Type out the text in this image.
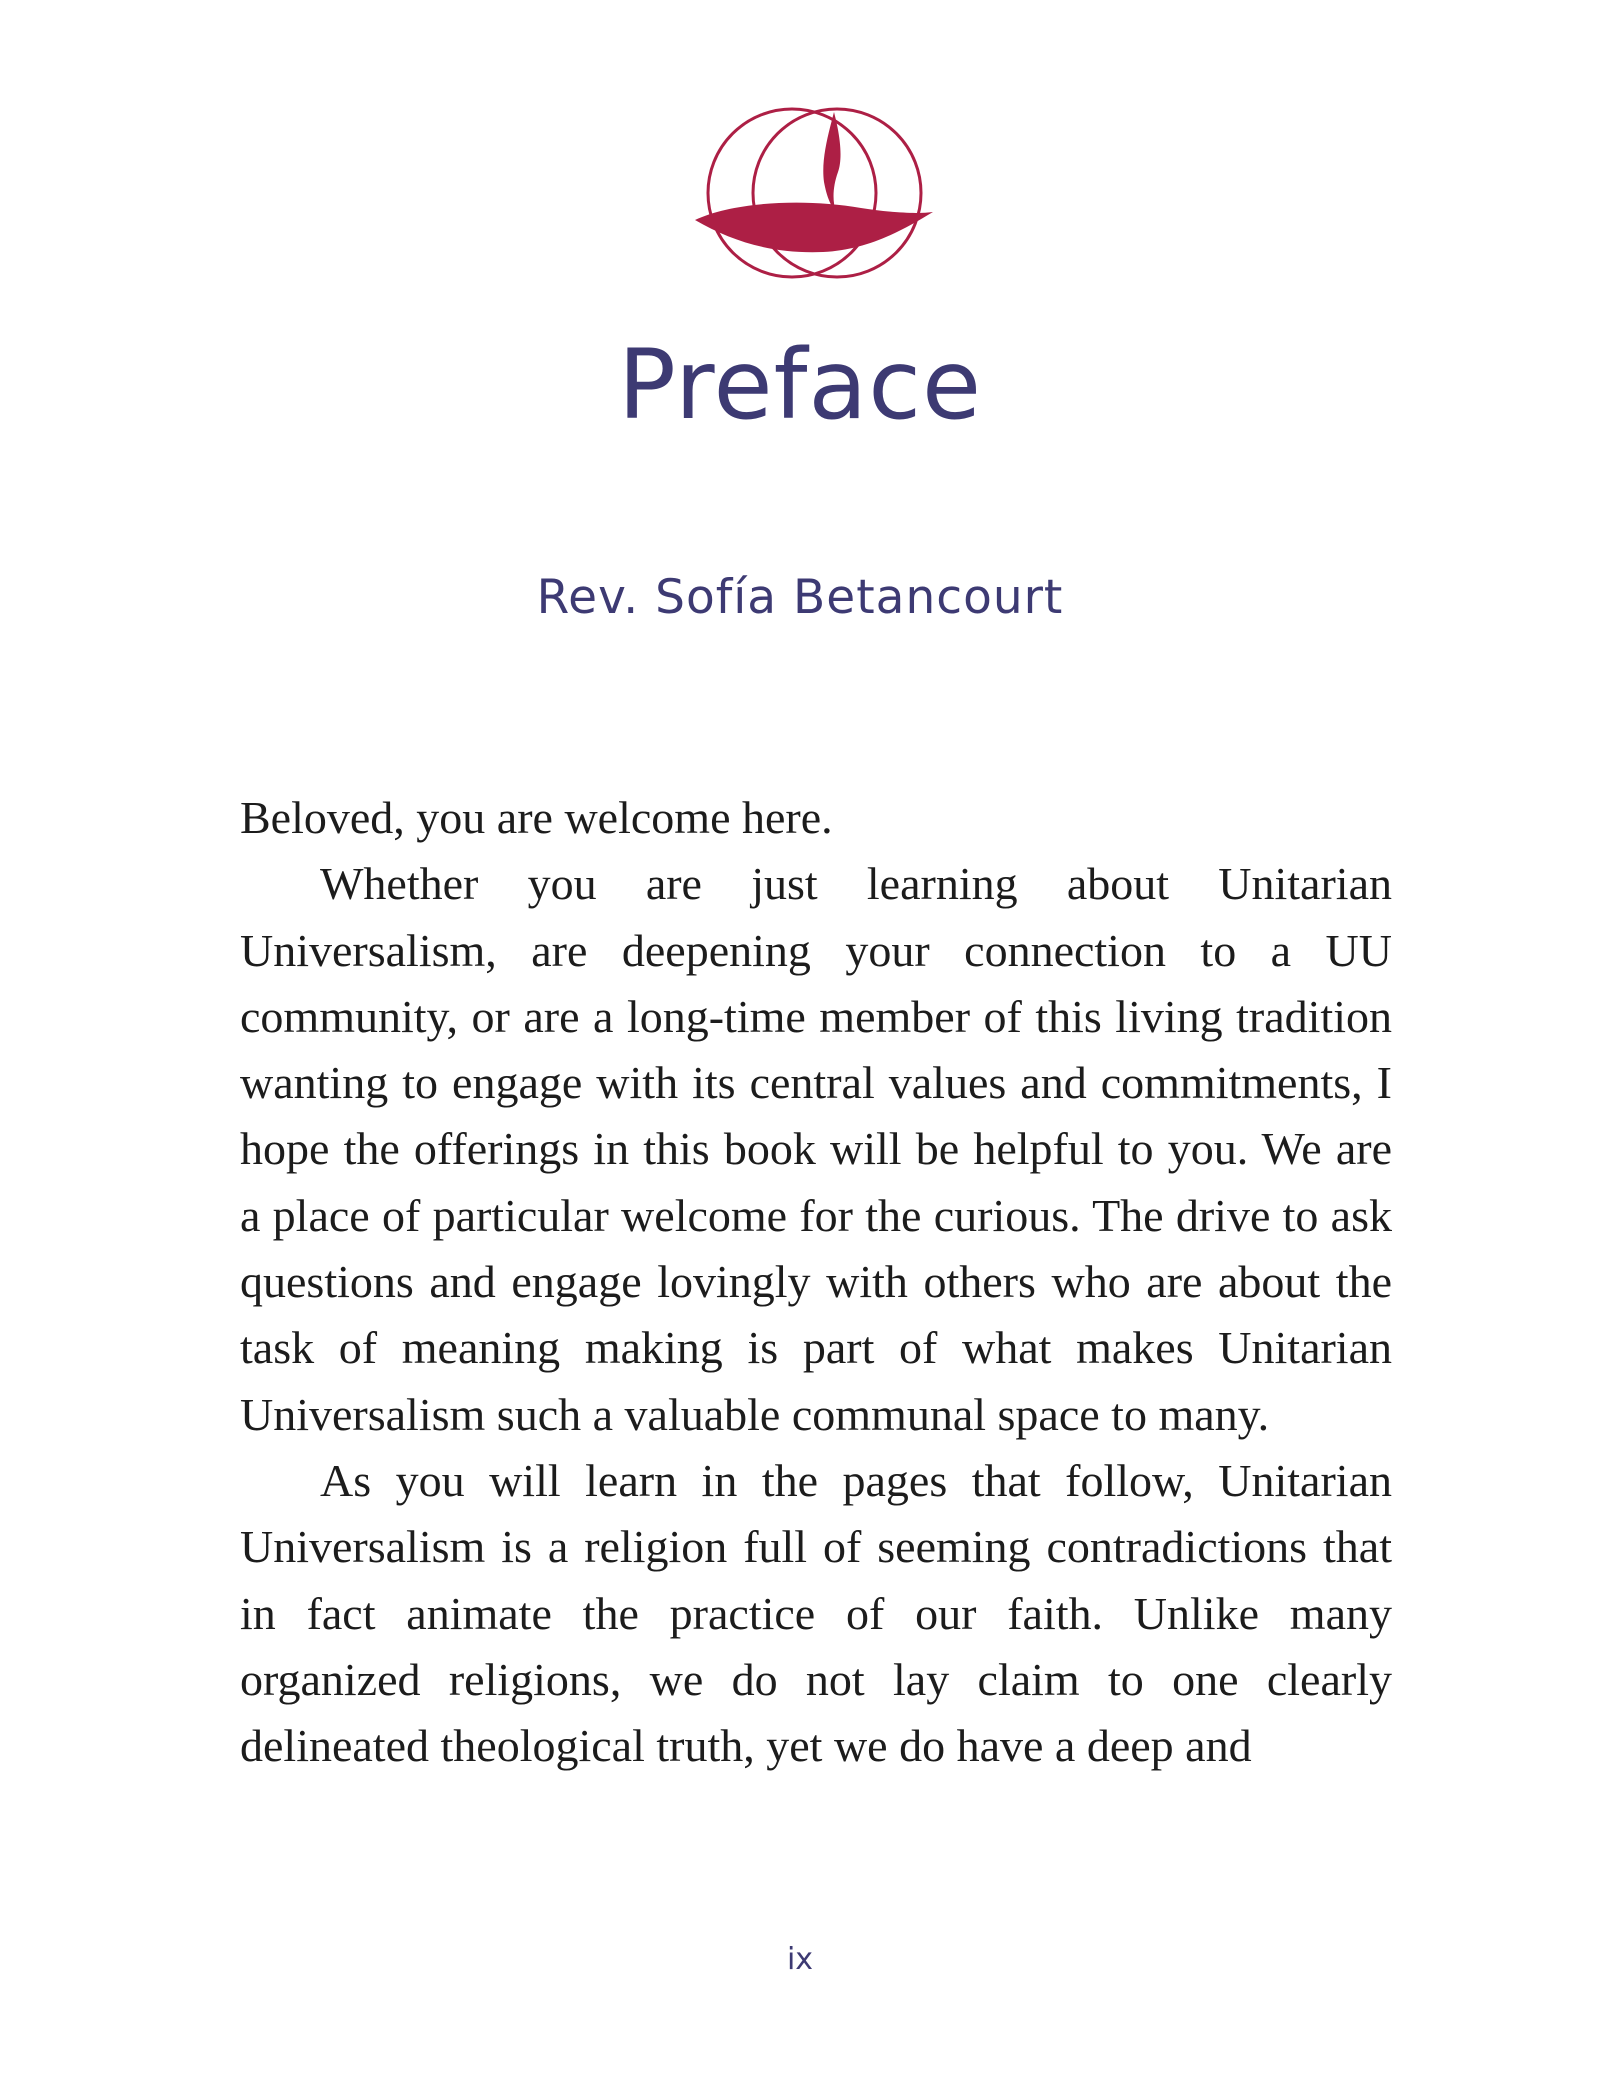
Preface
Rev. Sofía Betancourt

Beloved, you are welcome here.

Whether you are just learning about Unitarian Universalism, are deepening your connection to a UU community, or are a long-time member of this living tradition wanting to engage with its central values and commitments, I hope the offerings in this book will be helpful to you. We are a place of particular welcome for the curious. The drive to ask questions and engage lovingly with others who are about the task of meaning making is part of what makes Unitarian Universalism such a valuable communal space to many.

As you will learn in the pages that follow, Unitarian Universalism is a religion full of seeming contradictions that in fact animate the practice of our faith. Unlike many organized religions, we do not lay claim to one clearly delineated theological truth, yet we do have a deep and

ix
